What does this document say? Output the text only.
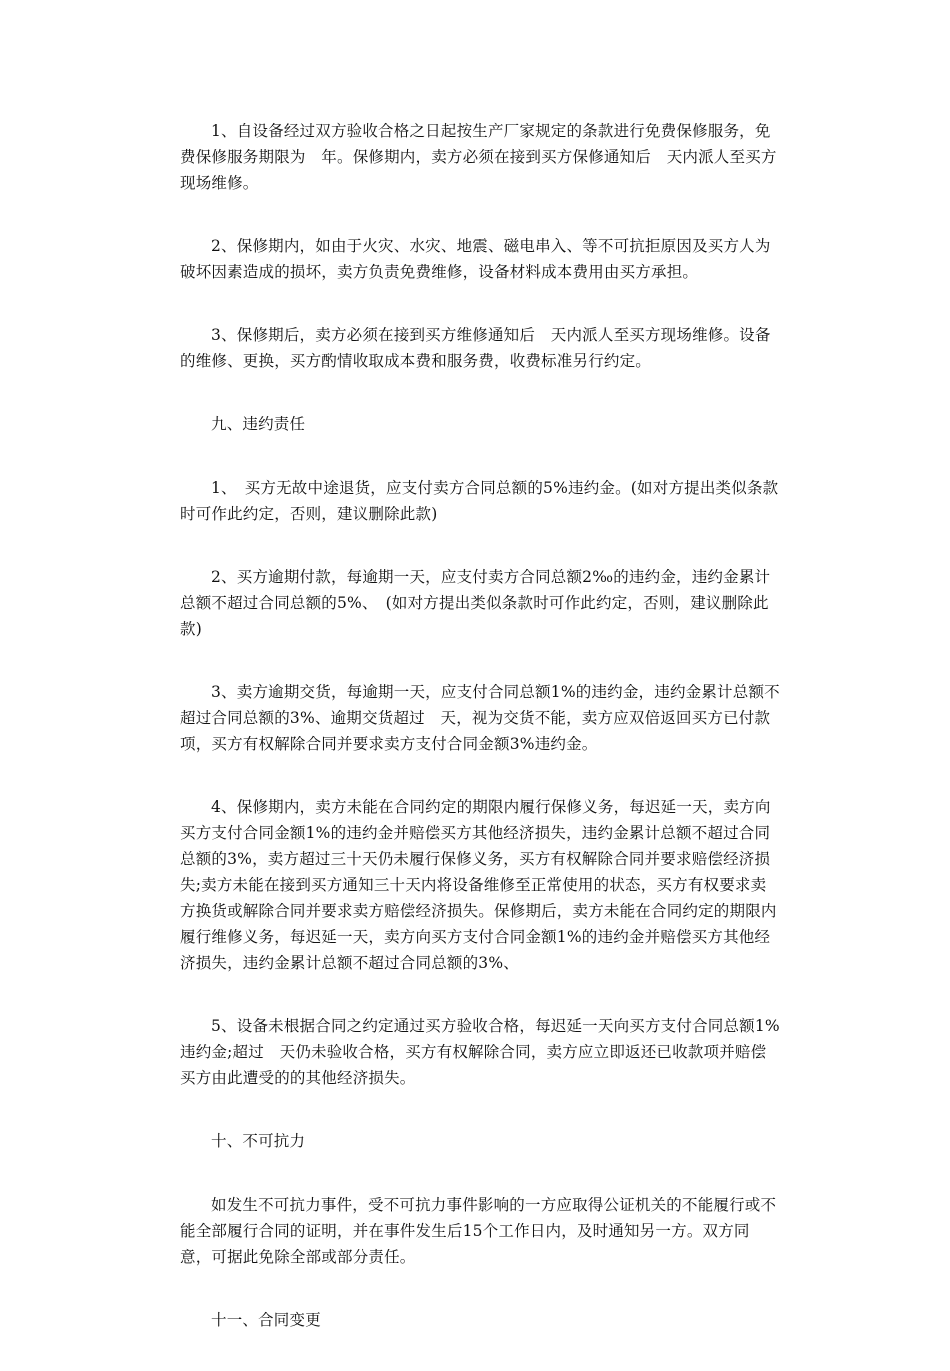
1、自设备经过双方验收合格之日起按生产厂家规定的条款进行免费保修服务，免费保修服务期限为　年。保修期内，卖方必须在接到买方保修通知后　天内派人至买方现场维修。

2、保修期内，如由于火灾、水灾、地震、磁电串入、等不可抗拒原因及买方人为破坏因素造成的损坏，卖方负责免费维修，设备材料成本费用由买方承担。

3、保修期后，卖方必须在接到买方维修通知后　天内派人至买方现场维修。设备的维修、更换，买方酌情收取成本费和服务费，收费标准另行约定。

九、违约责任

1、　买方无故中途退货，应支付卖方合同总额的5%违约金。(如对方提出类似条款时可作此约定，否则，建议删除此款)

2、买方逾期付款，每逾期一天，应支付卖方合同总额2‰的违约金，违约金累计总额不超过合同总额的5%、　(如对方提出类似条款时可作此约定，否则，建议删除此款)

3、卖方逾期交货，每逾期一天，应支付合同总额1%的违约金，违约金累计总额不超过合同总额的3%、逾期交货超过　天，视为交货不能，卖方应双倍返回买方已付款项，买方有权解除合同并要求卖方支付合同金额3%违约金。

4、保修期内，卖方未能在合同约定的期限内履行保修义务，每迟延一天，卖方向买方支付合同金额1%的违约金并赔偿买方其他经济损失，违约金累计总额不超过合同总额的3%，卖方超过三十天仍未履行保修义务，买方有权解除合同并要求赔偿经济损失;卖方未能在接到买方通知三十天内将设备维修至正常使用的状态，买方有权要求卖方换货或解除合同并要求卖方赔偿经济损失。保修期后，卖方未能在合同约定的期限内履行维修义务，每迟延一天，卖方向买方支付合同金额1%的违约金并赔偿买方其他经济损失，违约金累计总额不超过合同总额的3%、

5、设备未根据合同之约定通过买方验收合格，每迟延一天向买方支付合同总额1%违约金;超过　天仍未验收合格，买方有权解除合同，卖方应立即返还已收款项并赔偿买方由此遭受的的其他经济损失。

十、不可抗力

如发生不可抗力事件，受不可抗力事件影响的一方应取得公证机关的不能履行或不能全部履行合同的证明，并在事件发生后15个工作日内，及时通知另一方。双方同意，可据此免除全部或部分责任。

十一、合同变更
